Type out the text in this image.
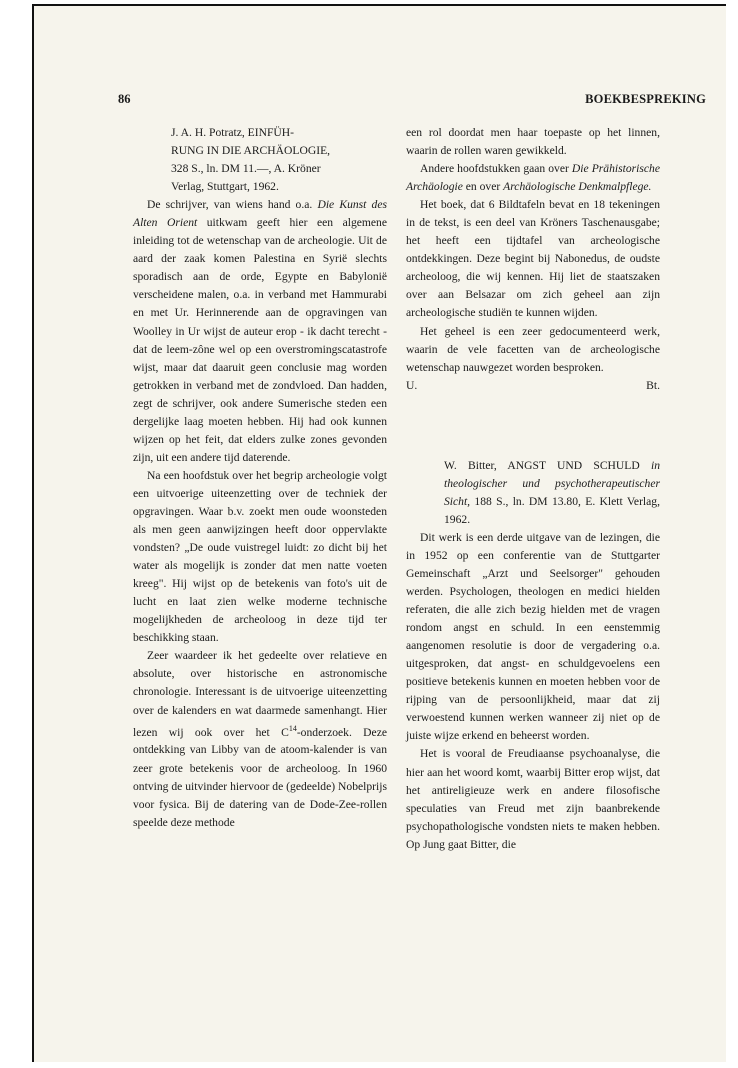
86	BOEKBESPREKING

J. A. H. Potratz, EINFÜH-
RUNG IN DIE ARCHÄOLOGIE,
328 S., ln. DM 11.—, A. Kröner
Verlag, Stuttgart, 1962.

De schrijver, van wiens hand o.a. Die Kunst des Alten Orient uitkwam geeft hier een algemene inleiding tot de wetenschap van de archeologie. Uit de aard der zaak komen Palestina en Syrië slechts sporadisch aan de orde, Egypte en Babylonië verscheidene malen, o.a. in verband met Hammurabi en met Ur. Herinnerende aan de opgravingen van Woolley in Ur wijst de auteur erop - ik dacht terecht - dat de leem-zône wel op een overstromingscatastrofe wijst, maar dat daaruit geen conclusie mag worden getrokken in verband met de zondvloed. Dan hadden, zegt de schrijver, ook andere Sumerische steden een dergelijke laag moeten hebben. Hij had ook kunnen wijzen op het feit, dat elders zulke zones gevonden zijn, uit een andere tijd daterende.

Na een hoofdstuk over het begrip archeologie volgt een uitvoerige uiteenzetting over de techniek der opgravingen. Waar b.v. zoekt men oude woonsteden als men geen aanwijzingen heeft door oppervlakte vondsten? „De oude vuistregel luidt: zo dicht bij het water als mogelijk is zonder dat men natte voeten kreeg". Hij wijst op de betekenis van foto's uit de lucht en laat zien welke moderne technische mogelijkheden de archeoloog in deze tijd ter beschikking staan.

Zeer waardeer ik het gedeelte over relatieve en absolute, over historische en astronomische chronologie. Interessant is de uitvoerige uiteenzetting over de kalenders en wat daarmede samenhangt. Hier lezen wij ook over het $C^{14}$-onderzoek. Deze ontdekking van Libby van de atoom-kalender is van zeer grote betekenis voor de archeoloog. In 1960 ontving de uitvinder hiervoor de (gedeelde) Nobelprijs voor fysica. Bij de datering van de Dode-Zee-rollen speelde deze methode

een rol doordat men haar toepaste op het linnen, waarin de rollen waren gewikkeld.

Andere hoofdstukken gaan over Die Prähistorische Archäologie en over Archäologische Denkmalpflege.

Het boek, dat 6 Bildtafeln bevat en 18 tekeningen in de tekst, is een deel van Kröners Taschenausgabe; het heeft een tijdtafel van archeologische ontdekkingen. Deze begint bij Nabonedus, de oudste archeoloog, die wij kennen. Hij liet de staatszaken over aan Belsazar om zich geheel aan zijn archeologische studiën te kunnen wijden.

Het geheel is een zeer gedocumenteerd werk, waarin de vele facetten van de archeologische wetenschap nauwgezet worden besproken.

U.	Bt.

W. Bitter, ANGST UND SCHULD in theologischer und psychotherapeutischer Sicht, 188 S., ln. DM 13.80, E. Klett Verlag, 1962.

Dit werk is een derde uitgave van de lezingen, die in 1952 op een conferentie van de Stuttgarter Gemeinschaft „Arzt und Seelsorger" gehouden werden. Psychologen, theologen en medici hielden referaten, die alle zich bezig hielden met de vragen rondom angst en schuld. In een eenstemmig aangenomen resolutie is door de vergadering o.a. uitgesproken, dat angst- en schuldgevoelens een positieve betekenis kunnen en moeten hebben voor de rijping van de persoonlijkheid, maar dat zij verwoestend kunnen werken wanneer zij niet op de juiste wijze erkend en beheerst worden.

Het is vooral de Freudiaanse psychoanalyse, die hier aan het woord komt, waarbij Bitter erop wijst, dat het antireligieuze werk en andere filosofische speculaties van Freud met zijn baanbrekende psychopathologische vondsten niets te maken hebben. Op Jung gaat Bitter, die
